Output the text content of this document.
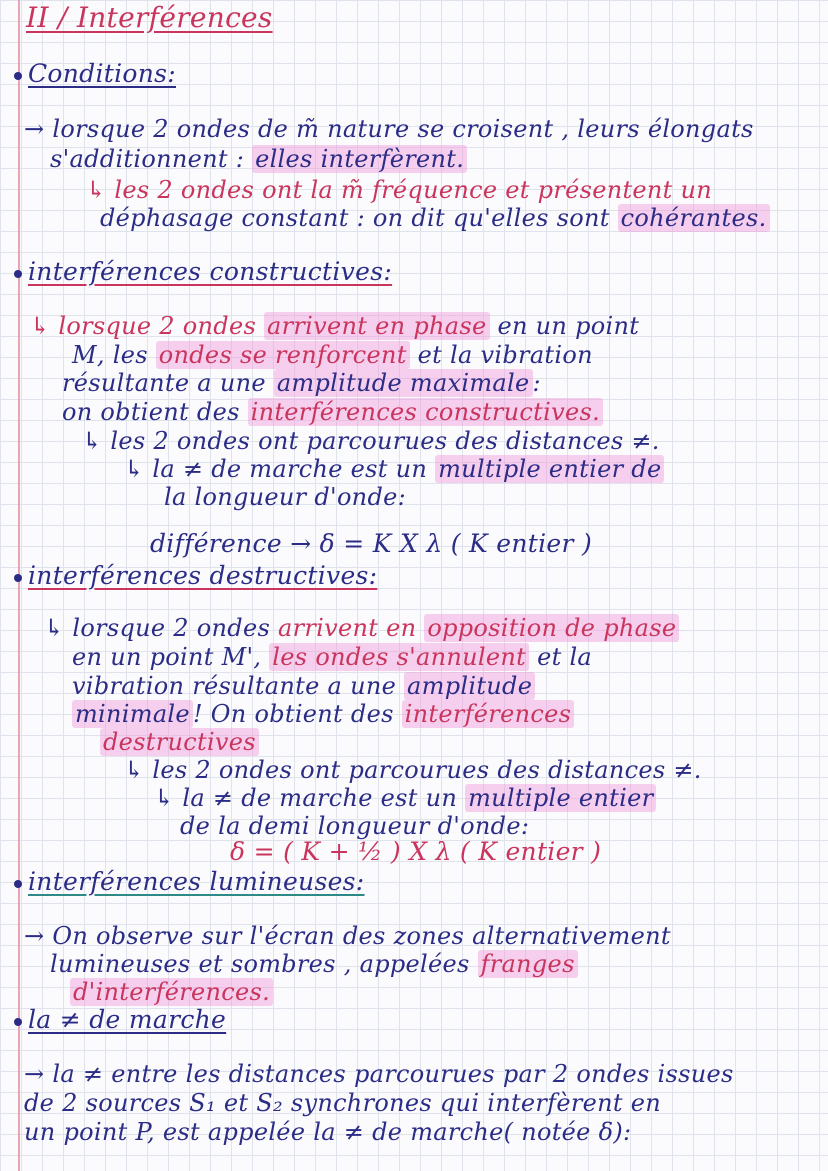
II / Interférences
Conditions:
→ lorsque 2 ondes de m̃ nature se croisent , leurs élongats
s'additionnent : elles interfèrent.
↳ les 2 ondes ont la m̃ fréquence et présentent un
déphasage constant : on dit qu'elles sont cohérantes.
interférences constructives:
↳ lorsque 2 ondes arrivent en phase en un point
M, les ondes se renforcent et la vibration
résultante a une amplitude maximale :
on obtient des interférences constructives.
↳ les 2 ondes ont parcourues des distances ≠.
↳ la ≠ de marche est un multiple entier de
la longueur d'onde:
différence → δ = K X λ ( K entier )
interférences destructives:
↳ lorsque 2 ondes arrivent en opposition de phase
en un point M', les ondes s'annulent et la
vibration résultante a une amplitude
minimale ! On obtient des interférences
destructives
↳ les 2 ondes ont parcourues des distances ≠.
↳ la ≠ de marche est un multiple entier
de la demi longueur d'onde:
δ = ( K + ½ ) X λ ( K entier )
interférences lumineuses:
→ On observe sur l'écran des zones alternativement
lumineuses et sombres , appelées franges
d'interférences.
la ≠ de marche
→ la ≠ entre les distances parcourues par 2 ondes issues
de 2 sources S₁ et S₂ synchrones qui interfèrent en
un point P, est appelée la ≠ de marche( notée δ):
